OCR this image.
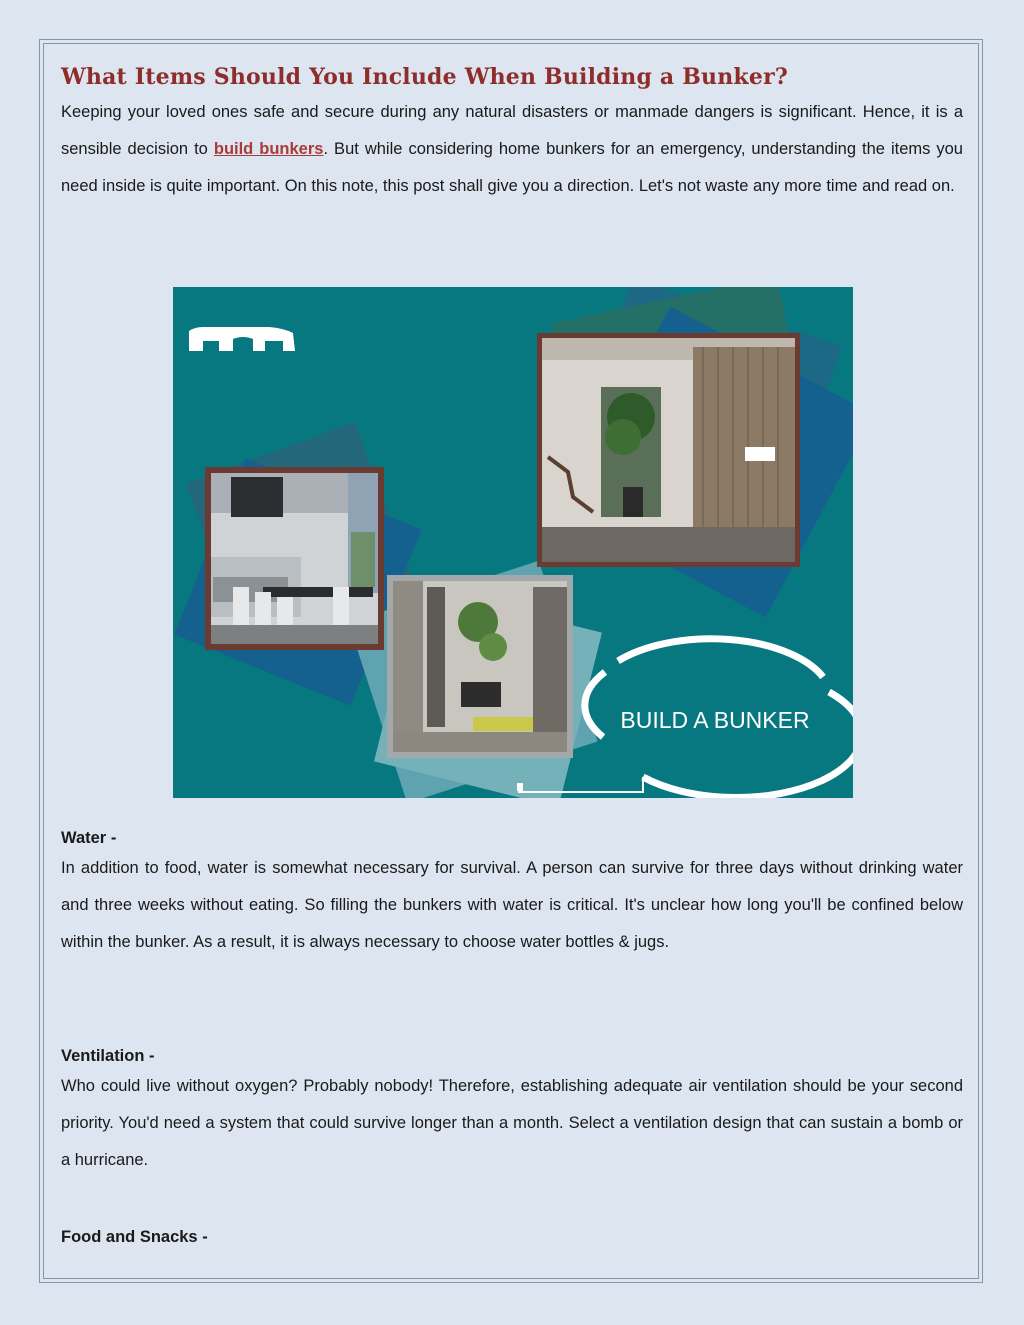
What Items Should You Include When Building a Bunker?

Keeping your loved ones safe and secure during any natural disasters or manmade dangers is significant. Hence, it is a sensible decision to build bunkers. But while considering home bunkers for an emergency, understanding the items you need inside is quite important. On this note, this post shall give you a direction. Let's not waste any more time and read on.

BUILD A BUNKER
Water -

In addition to food, water is somewhat necessary for survival. A person can survive for three days without drinking water and three weeks without eating. So filling the bunkers with water is critical. It's unclear how long you'll be confined below within the bunker. As a result, it is always necessary to choose water bottles & jugs.

Ventilation -

Who could live without oxygen? Probably nobody! Therefore, establishing adequate air ventilation should be your second priority. You'd need a system that could survive longer than a month. Select a ventilation design that can sustain a bomb or a hurricane.

Food and Snacks -
